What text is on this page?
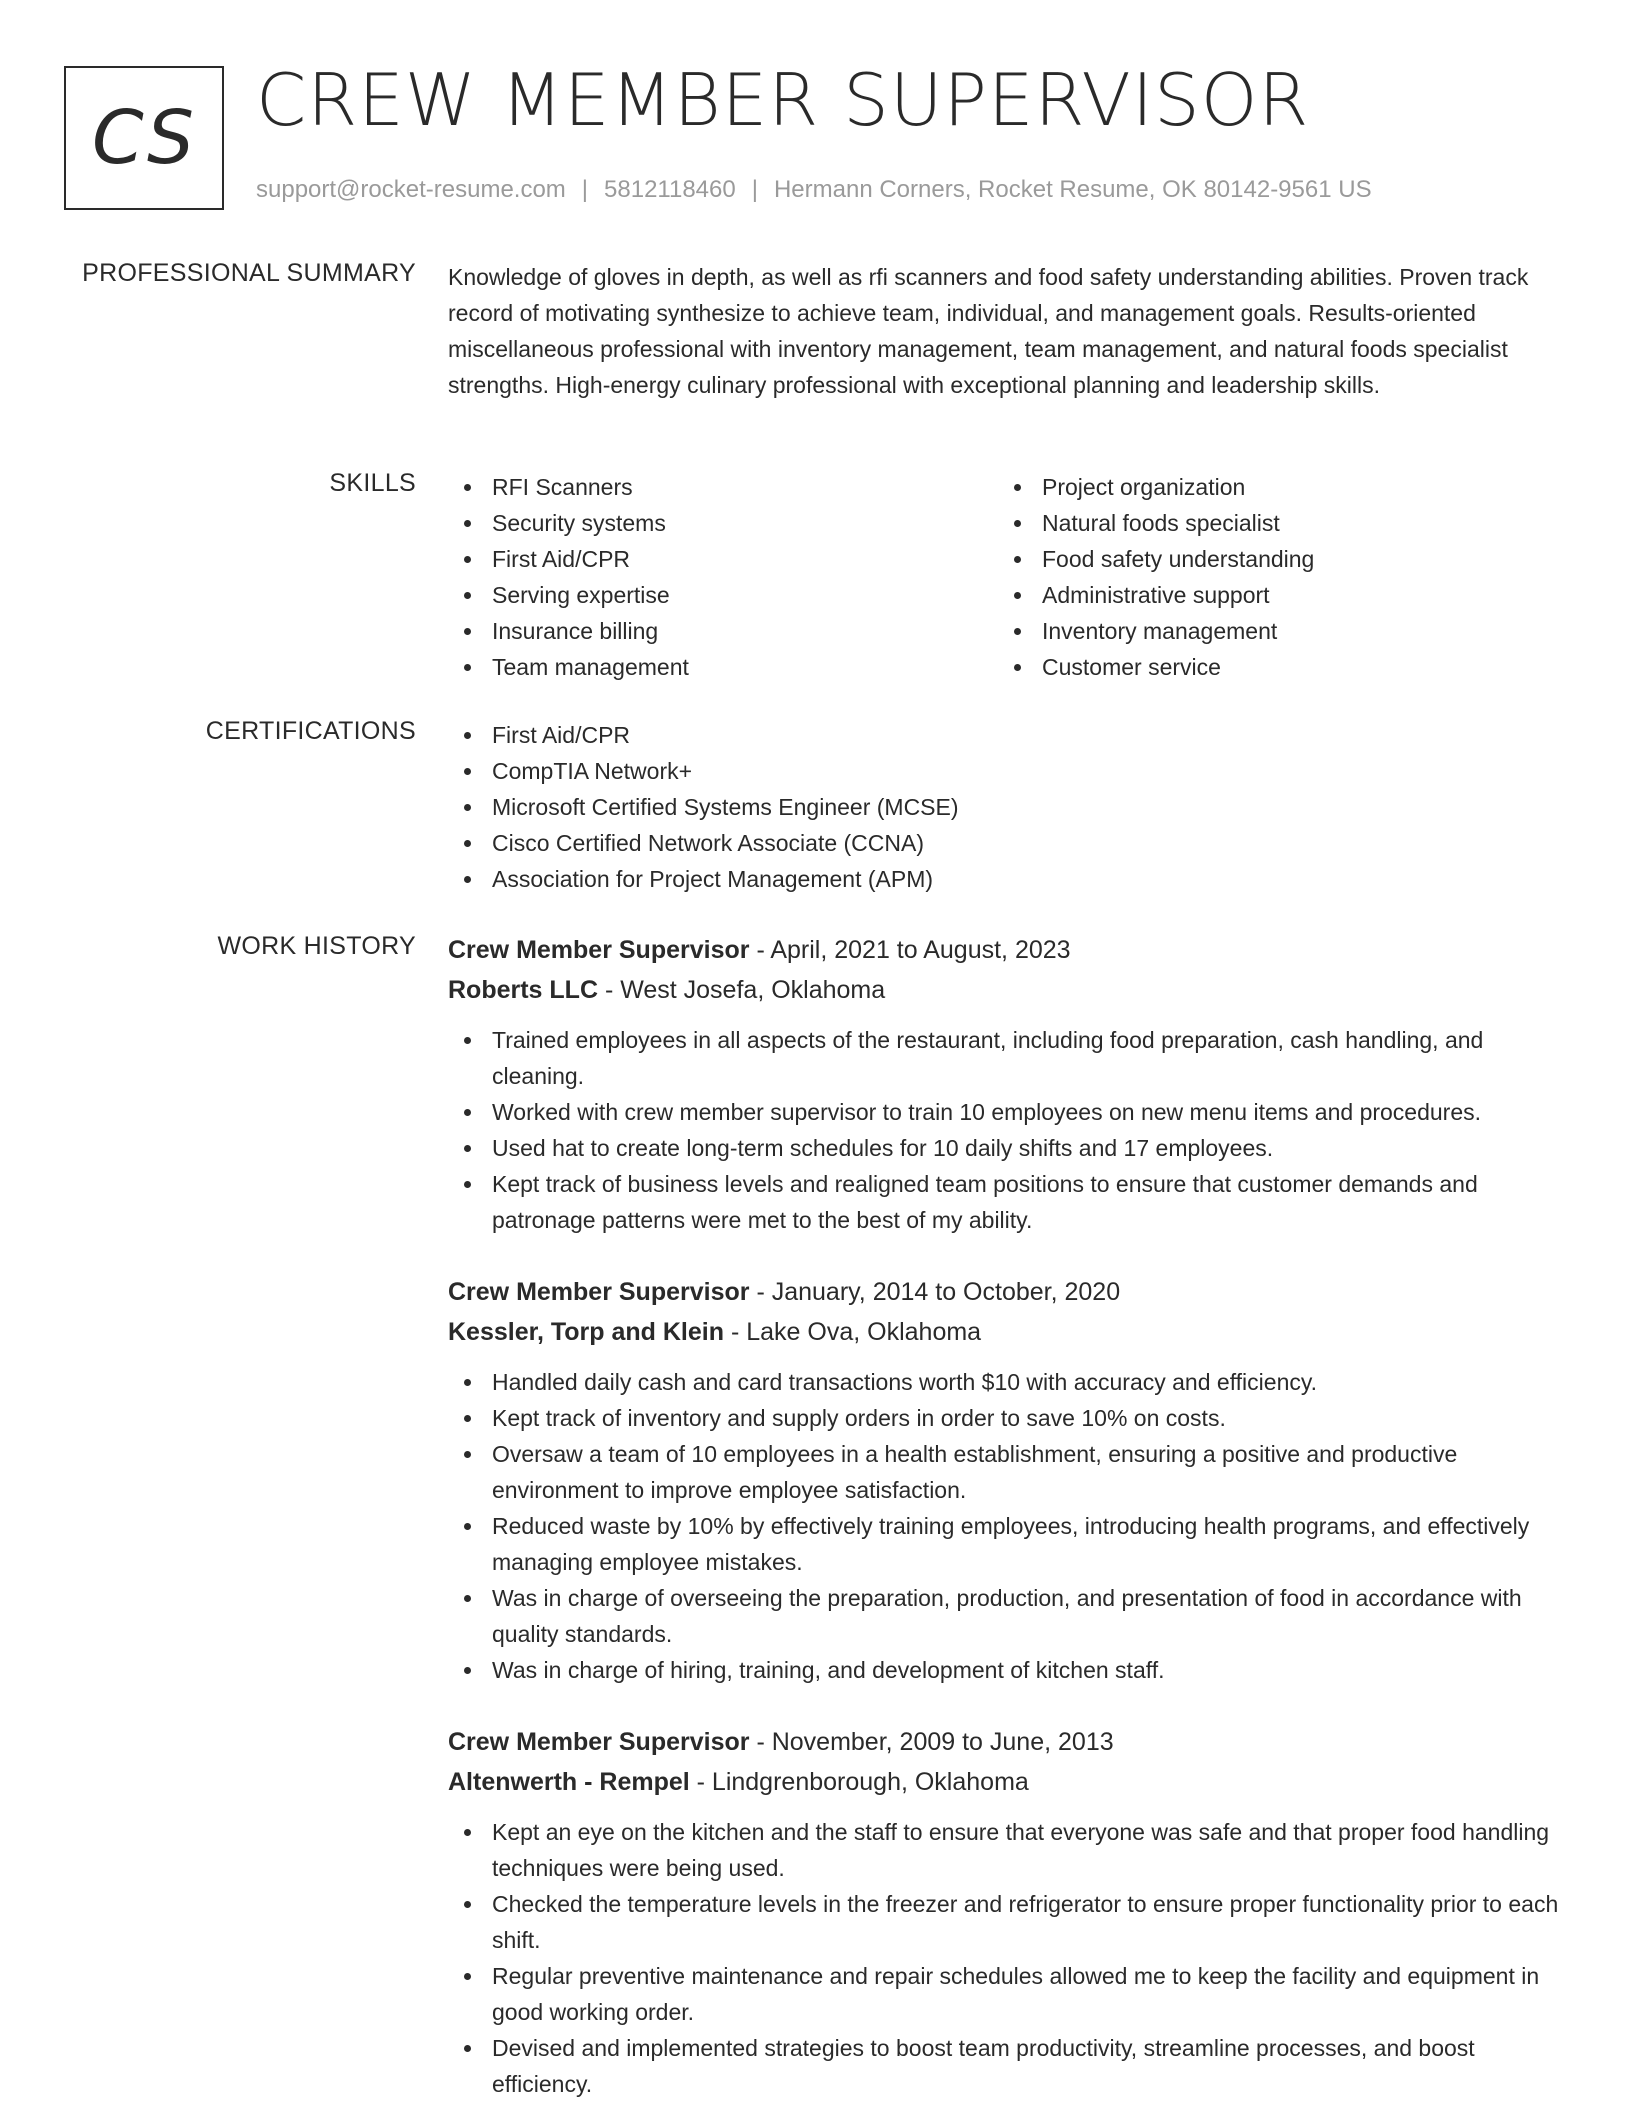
CS CREW MEMBER SUPERVISOR
support@rocket-resume.com | 5812118460 | Hermann Corners, Rocket Resume, OK 80142-9561 US
PROFESSIONAL SUMMARY Knowledge of gloves in depth, as well as rfi scanners and food safety understanding abilities. Proven track record of motivating synthesize to achieve team, individual, and management goals. Results-oriented miscellaneous professional with inventory management, team management, and natural foods specialist strengths. High-energy culinary professional with exceptional planning and leadership skills.
SKILLS	RFI Scanners
Security systems
First Aid/CPR
Serving expertise
Insurance billing
Team management
Project organization
Natural foods specialist
Food safety understanding
Administrative support
Inventory management
Customer service
CERTIFICATIONS	First Aid/CPR
CompTIA Network+
Microsoft Certified Systems Engineer (MCSE)
Cisco Certified Network Associate (CCNA)
Association for Project Management (APM)
WORK HISTORY Crew Member Supervisor - April, 2021 to August, 2023
Roberts LLC - West Josefa, Oklahoma
Trained employees in all aspects of the restaurant, including food preparation, cash handling, and cleaning.
Worked with crew member supervisor to train 10 employees on new menu items and procedures.
Used hat to create long-term schedules for 10 daily shifts and 17 employees.
Kept track of business levels and realigned team positions to ensure that customer demands and patronage patterns were met to the best of my ability.
Crew Member Supervisor - January, 2014 to October, 2020
Kessler, Torp and Klein - Lake Ova, Oklahoma
Handled daily cash and card transactions worth $10 with accuracy and efficiency.
Kept track of inventory and supply orders in order to save 10% on costs.
Oversaw a team of 10 employees in a health establishment, ensuring a positive and productive environment to improve employee satisfaction.
Reduced waste by 10% by effectively training employees, introducing health programs, and effectively managing employee mistakes.
Was in charge of overseeing the preparation, production, and presentation of food in accordance with quality standards.
Was in charge of hiring, training, and development of kitchen staff.
Crew Member Supervisor - November, 2009 to June, 2013
Altenwerth - Rempel - Lindgrenborough, Oklahoma
Kept an eye on the kitchen and the staff to ensure that everyone was safe and that proper food handling techniques were being used.
Checked the temperature levels in the freezer and refrigerator to ensure proper functionality prior to each shift.
Regular preventive maintenance and repair schedules allowed me to keep the facility and equipment in good working order.
Devised and implemented strategies to boost team productivity, streamline processes, and boost efficiency.
